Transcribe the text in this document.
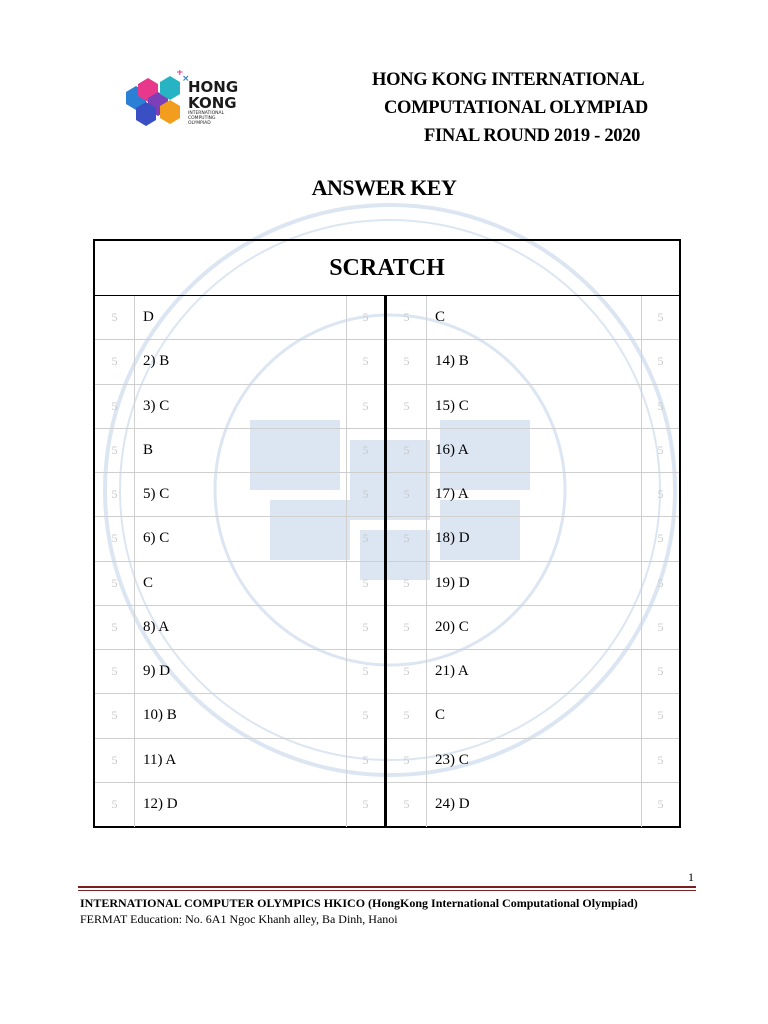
+
×
HONG
KONG
INTERNATIONAL
COMPUTING
OLYMPIAD
HONG KONG INTERNATIONAL
COMPUTATIONAL OLYMPIAD
FINAL ROUND 2019 - 2020
ANSWER KEY
SCRATCH
5	D	5
5	2) B	5
5	3) C	5
5	B	5
5	5) C	5
5	6) C	5
5	C	5
5	8) A	5
5	9) D	5
5	10) B	5
5	11) A	5
5	12) D	5
5	C	5
5	14) B	5
5	15) C	5
5	16) A	5
5	17) A	5
5	18) D	5
5	19) D	5
5	20) C	5
5	21) A	5
5	C	5
5	23) C	5
5	24) D	5
1
INTERNATIONAL COMPUTER OLYMPICS HKICO (HongKong International Computational Olympiad)
FERMAT Education: No. 6A1 Ngoc Khanh alley, Ba Dinh, Hanoi
